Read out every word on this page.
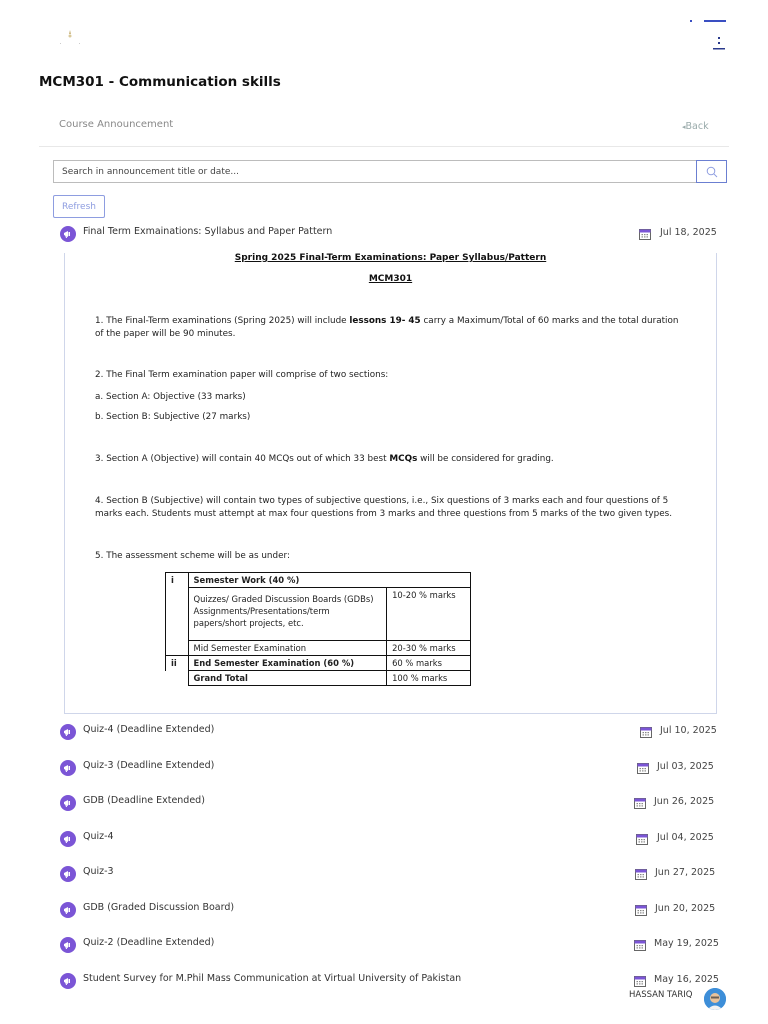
MCM301 - Communication skills
Course Announcement	◂Back
Search in announcement title or date...
Refresh
Final Term Exmainations: Syllabus and Paper Pattern	Jul 18, 2025
Spring 2025 Final-Term Examinations: Paper Syllabus/Pattern
MCM301
1. The Final-Term examinations (Spring 2025) will include lessons 19- 45 carry a Maximum/Total of 60 marks and the total duration of the paper will be 90 minutes.
2. The Final Term examination paper will comprise of two sections:
a. Section A: Objective (33 marks)
b. Section B: Subjective (27 marks)
3. Section A (Objective) will contain 40 MCQs out of which 33 best MCQs will be considered for grading.
4. Section B (Subjective) will contain two types of subjective questions, i.e., Six questions of 3 marks each and four questions of 5 marks each. Students must attempt at max four questions from 3 marks and three questions from 5 marks of the two given types.
5. The assessment scheme will be as under:
i	Semester Work (40 %)	
	Quizzes/ Graded Discussion Boards (GDBs) Assignments/Presentations/term papers/short projects, etc.	10-20 % marks
	Mid Semester Examination	20-30 % marks
ii	End Semester Examination (60 %)	60 % marks
	Grand Total	100 % marks
Quiz-4 (Deadline Extended)	Jul 10, 2025
Quiz-3 (Deadline Extended)	Jul 03, 2025
GDB (Deadline Extended)	Jun 26, 2025
Quiz-4	Jul 04, 2025
Quiz-3	Jun 27, 2025
GDB (Graded Discussion Board)	Jun 20, 2025
Quiz-2 (Deadline Extended)	May 19, 2025
Student Survey for M.Phil Mass Communication at Virtual University of Pakistan	May 16, 2025
HASSAN TARIQ
